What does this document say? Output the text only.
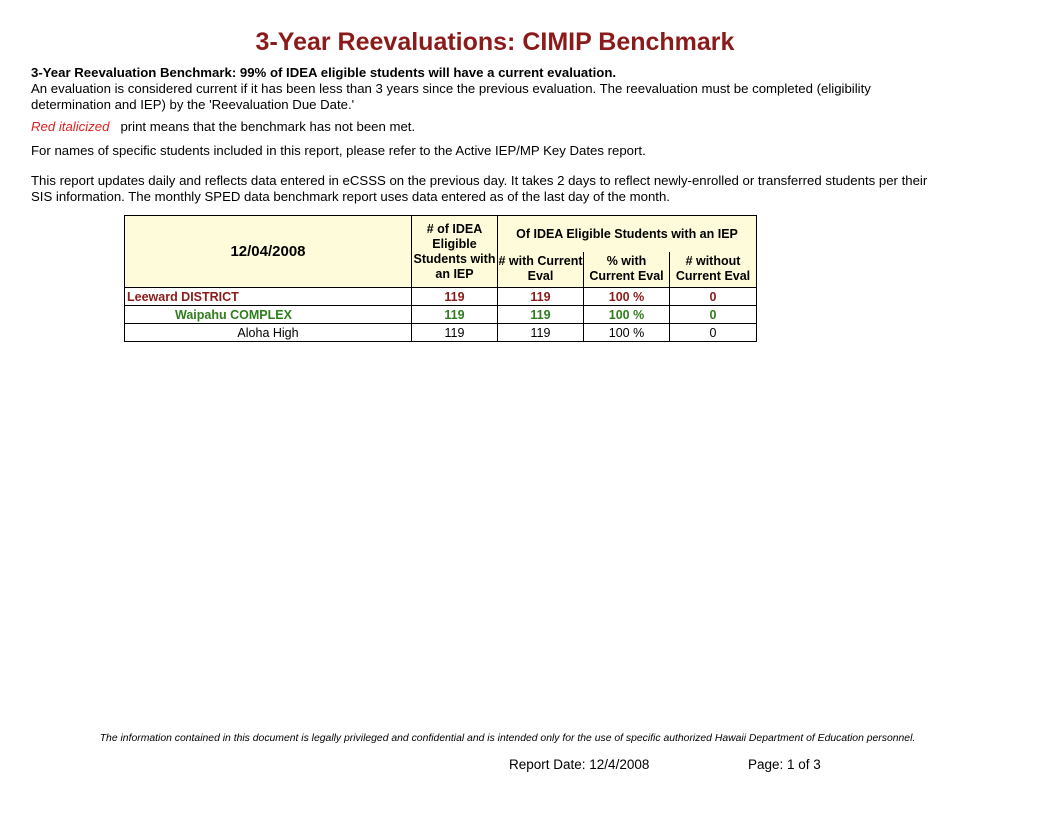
3-Year Reevaluations: CIMIP Benchmark
3-Year Reevaluation Benchmark: 99% of IDEA eligible students will have a current evaluation.
An evaluation is considered current if it has been less than 3 years since the previous evaluation. The reevaluation must be completed (eligibility
determination and IEP) by the 'Reevaluation Due Date.'
Red italicized print means that the benchmark has not been met.
For names of specific students included in this report, please refer to the Active IEP/MP Key Dates report.
This report updates daily and reflects data entered in eCSSS on the previous day. It takes 2 days to reflect newly-enrolled or transferred students per their
SIS information. The monthly SPED data benchmark report uses data entered as of the last day of the month.
12/04/2008	# of IDEA Eligible Students with an IEP	Of IDEA Eligible Students with an IEP		
		# with Current Eval	% with Current Eval	# without Current Eval
Leeward DISTRICT	119	119	100 %	0
Waipahu COMPLEX	119	119	100 %	0
Aloha High	119	119	100 %	0
The information contained in this document is legally privileged and confidential and is intended only for the use of specific authorized Hawaii Department of Education personnel.
Report Date: 12/4/2008	Page: 1 of 3
